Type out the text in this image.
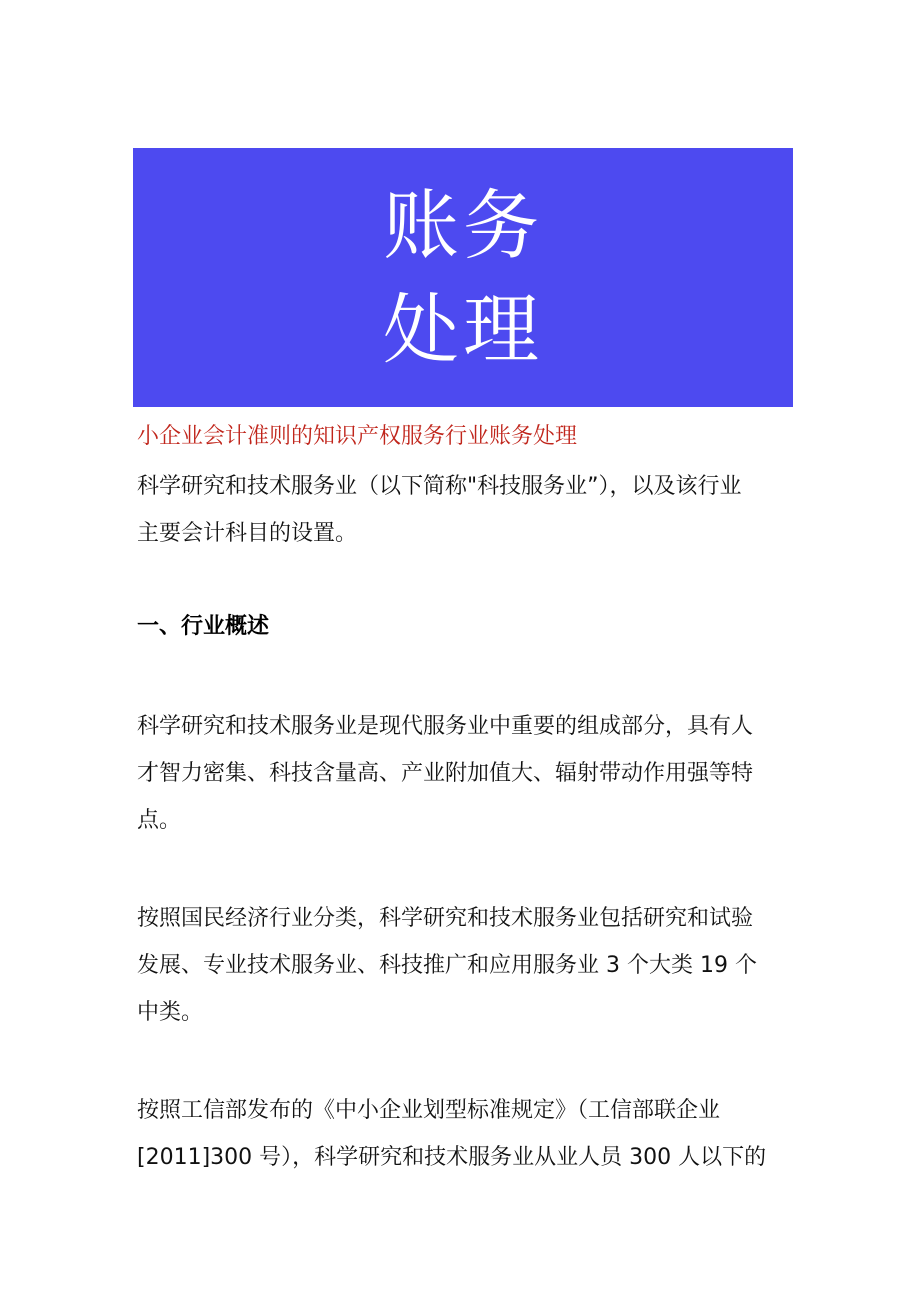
账务
处理
小企业会计准则的知识产权服务行业账务处理
科学研究和技术服务业（以下简称"科技服务业”），以及该行业
主要会计科目的设置。
一、行业概述
科学研究和技术服务业是现代服务业中重要的组成部分，具有人
才智力密集、科技含量高、产业附加值大、辐射带动作用强等特
点。
按照国民经济行业分类，科学研究和技术服务业包括研究和试验
发展、专业技术服务业、科技推广和应用服务业 3 个大类 19 个
中类。
按照工信部发布的《中小企业划型标准规定》（工信部联企业
[2011]300 号），科学研究和技术服务业从业人员 300 人以下的
